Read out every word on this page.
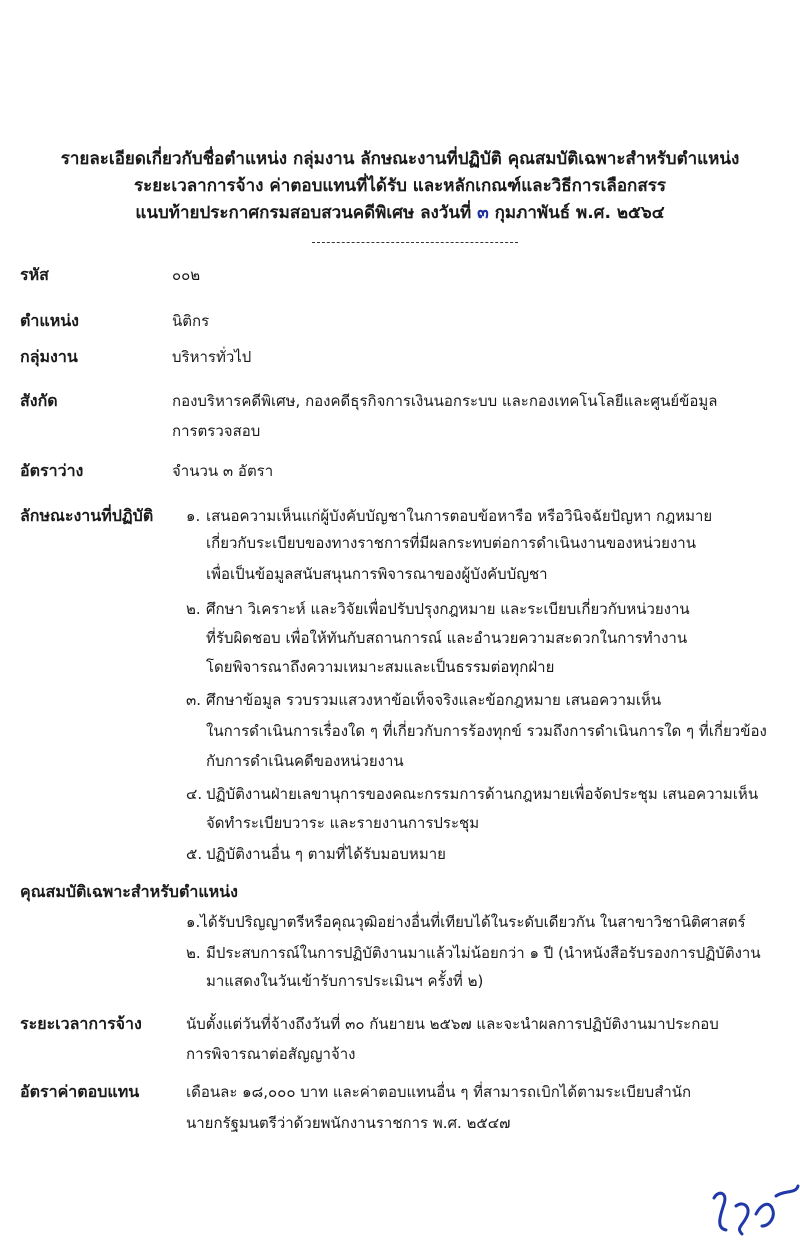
รายละเอียดเกี่ยวกับชื่อตำแหน่ง กลุ่มงาน ลักษณะงานที่ปฏิบัติ คุณสมบัติเฉพาะสำหรับตำแหน่ง
ระยะเวลาการจ้าง ค่าตอบแทนที่ได้รับ และหลักเกณฑ์และวิธีการเลือกสรร
แนบท้ายประกาศกรมสอบสวนคดีพิเศษ ลงวันที่ ๓ กุมภาพันธ์ พ.ศ. ๒๕๖๔
รหัส	๐๐๒
ตำแหน่ง	นิติกร
กลุ่มงาน	บริหารทั่วไป
สังกัด	กองบริหารคดีพิเศษ, กองคดีธุรกิจการเงินนอกระบบ และกองเทคโนโลยีและศูนย์ข้อมูล
การตรวจสอบ
อัตราว่าง	จำนวน ๓ อัตรา
ลักษณะงานที่ปฏิบัติ ๑. เสนอความเห็นแก่ผู้บังคับบัญชาในการตอบข้อหารือ หรือวินิจฉัยปัญหา กฎหมาย
เกี่ยวกับระเบียบของทางราชการที่มีผลกระทบต่อการดำเนินงานของหน่วยงาน
เพื่อเป็นข้อมูลสนับสนุนการพิจารณาของผู้บังคับบัญชา
๒. ศึกษา วิเคราะห์ และวิจัยเพื่อปรับปรุงกฎหมาย และระเบียบเกี่ยวกับหน่วยงาน
ที่รับผิดชอบ เพื่อให้ทันกับสถานการณ์ และอำนวยความสะดวกในการทำงาน
โดยพิจารณาถึงความเหมาะสมและเป็นธรรมต่อทุกฝ่าย
๓. ศึกษาข้อมูล รวบรวมแสวงหาข้อเท็จจริงและข้อกฎหมาย เสนอความเห็น
ในการดำเนินการเรื่องใด ๆ ที่เกี่ยวกับการร้องทุกข์ รวมถึงการดำเนินการใด ๆ ที่เกี่ยวข้อง
กับการดำเนินคดีของหน่วยงาน
๔. ปฏิบัติงานฝ่ายเลขานุการของคณะกรรมการด้านกฎหมายเพื่อจัดประชุม เสนอความเห็น
จัดทำระเบียบวาระ และรายงานการประชุม
๕. ปฏิบัติงานอื่น ๆ ตามที่ได้รับมอบหมาย
คุณสมบัติเฉพาะสำหรับตำแหน่ง
๑.ได้รับปริญญาตรีหรือคุณวุฒิอย่างอื่นที่เทียบได้ในระดับเดียวกัน ในสาขาวิชานิติศาสตร์
๒. มีประสบการณ์ในการปฏิบัติงานมาแล้วไม่น้อยกว่า ๑ ปี (นำหนังสือรับรองการปฏิบัติงาน
มาแสดงในวันเข้ารับการประเมินฯ ครั้งที่ ๒)
ระยะเวลาการจ้าง	นับตั้งแต่วันที่จ้างถึงวันที่ ๓๐ กันยายน ๒๕๖๗ และจะนำผลการปฏิบัติงานมาประกอบ
การพิจารณาต่อสัญญาจ้าง
อัตราค่าตอบแทน	เดือนละ ๑๘,๐๐๐ บาท และค่าตอบแทนอื่น ๆ ที่สามารถเบิกได้ตามระเบียบสำนัก
นายกรัฐมนตรีว่าด้วยพนักงานราชการ พ.ศ. ๒๕๔๗
